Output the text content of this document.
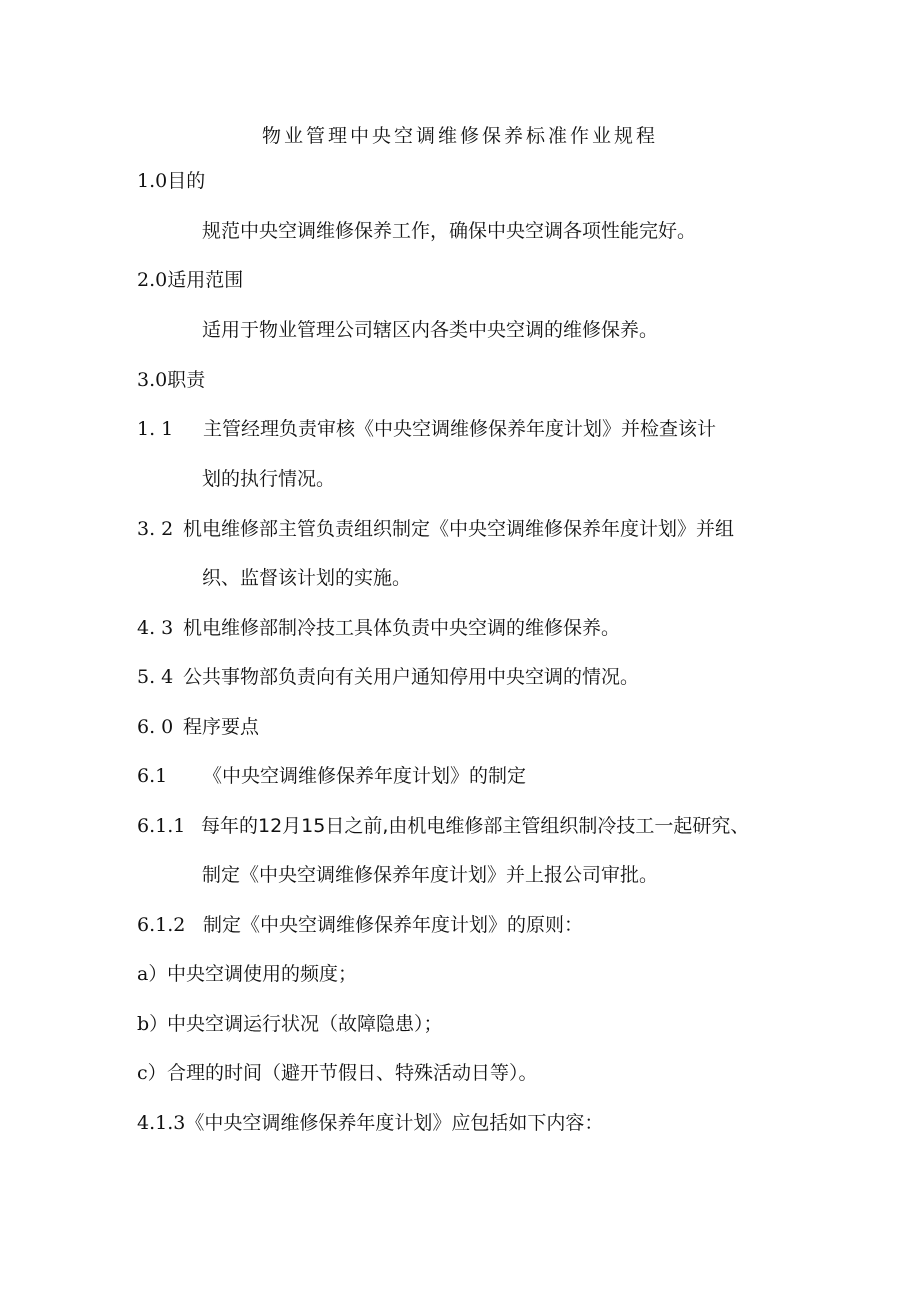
物业管理中央空调维修保养标准作业规程
1.0目的
规范中央空调维修保养工作，确保中央空调各项性能完好。
2.0适用范围
适用于物业管理公司辖区内各类中央空调的维修保养。
3.0职责
1. 1 主管经理负责审核《中央空调维修保养年度计划》并检查该计
划的执行情况。
3. 2 机电维修部主管负责组织制定《中央空调维修保养年度计划》并组
织、监督该计划的实施。
4. 3 机电维修部制冷技工具体负责中央空调的维修保养。
5. 4 公共事物部负责向有关用户通知停用中央空调的情况。
6. 0 程序要点
6.1 《中央空调维修保养年度计划》的制定
6.1.1 每年的12月15日之前,由机电维修部主管组织制冷技工一起研究、
制定《中央空调维修保养年度计划》并上报公司审批。
6.1.2 制定《中央空调维修保养年度计划》的原则：
a）中央空调使用的频度；
b）中央空调运行状况（故障隐患）；
c）合理的时间（避开节假日、特殊活动日等）。
4.1.3《中央空调维修保养年度计划》应包括如下内容：
